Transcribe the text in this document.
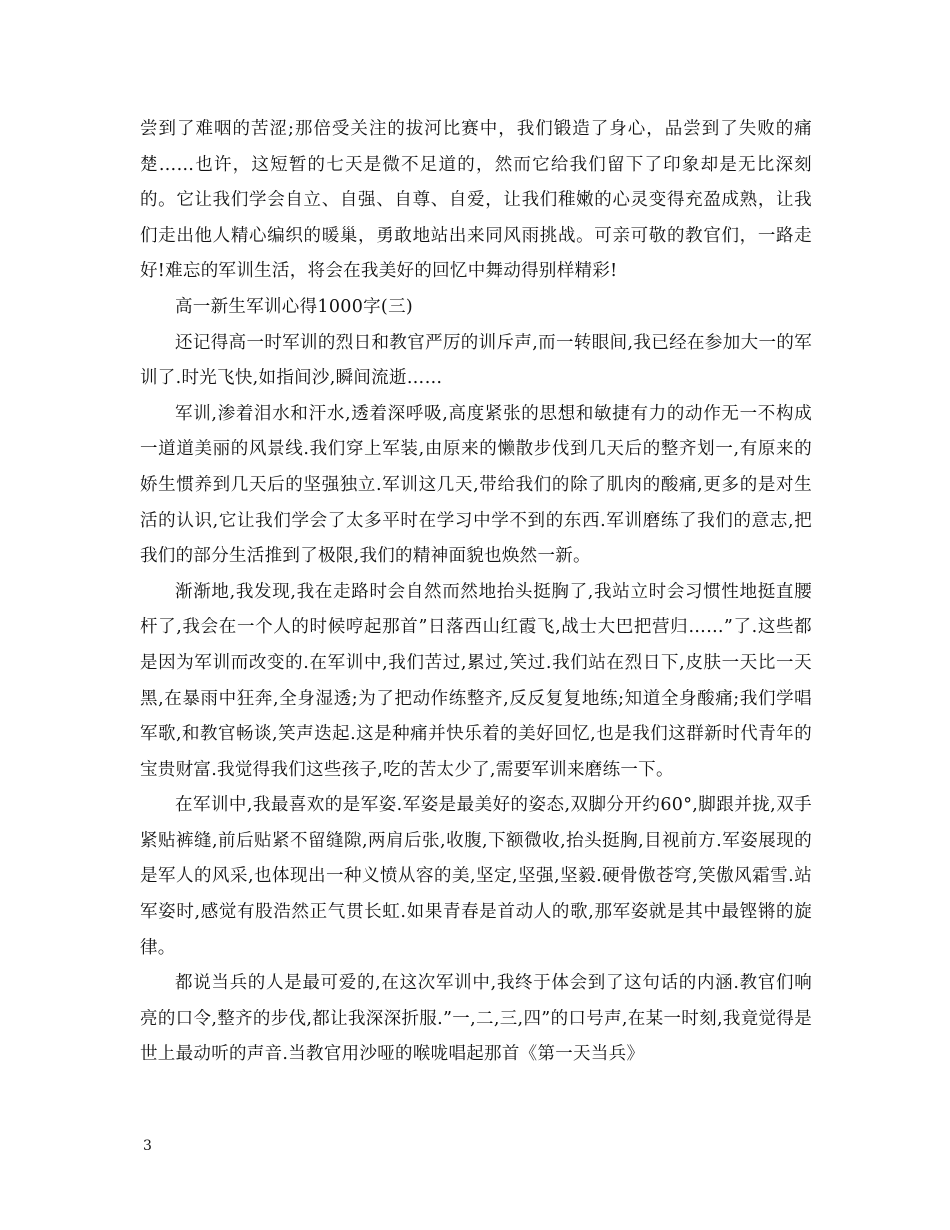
尝到了难咽的苦涩;那倍受关注的拔河比赛中，我们锻造了身心，品尝到了失败的痛楚……也许，这短暂的七天是微不足道的，然而它给我们留下了印象却是无比深刻的。它让我们学会自立、自强、自尊、自爱，让我们稚嫩的心灵变得充盈成熟，让我们走出他人精心编织的暖巢，勇敢地站出来同风雨挑战。可亲可敬的教官们，一路走好!难忘的军训生活，将会在我美好的回忆中舞动得别样精彩!

高一新生军训心得1000字(三)

还记得高一时军训的烈日和教官严厉的训斥声,而一转眼间,我已经在参加大一的军训了.时光飞快,如指间沙,瞬间流逝……

军训,渗着泪水和汗水,透着深呼吸,高度紧张的思想和敏捷有力的动作无一不构成一道道美丽的风景线.我们穿上军装,由原来的懒散步伐到几天后的整齐划一,有原来的娇生惯养到几天后的坚强独立.军训这几天,带给我们的除了肌肉的酸痛,更多的是对生活的认识,它让我们学会了太多平时在学习中学不到的东西.军训磨练了我们的意志,把我们的部分生活推到了极限,我们的精神面貌也焕然一新。

渐渐地,我发现,我在走路时会自然而然地抬头挺胸了,我站立时会习惯性地挺直腰杆了,我会在一个人的时候哼起那首”日落西山红霞飞,战士大巴把营归……”了.这些都是因为军训而改变的.在军训中,我们苦过,累过,笑过.我们站在烈日下,皮肤一天比一天黑,在暴雨中狂奔,全身湿透;为了把动作练整齐,反反复复地练;知道全身酸痛;我们学唱军歌,和教官畅谈,笑声迭起.这是种痛并快乐着的美好回忆,也是我们这群新时代青年的宝贵财富.我觉得我们这些孩子,吃的苦太少了,需要军训来磨练一下。

在军训中,我最喜欢的是军姿.军姿是最美好的姿态,双脚分开约60°,脚跟并拢,双手紧贴裤缝,前后贴紧不留缝隙,两肩后张,收腹,下额微收,抬头挺胸,目视前方.军姿展现的是军人的风采,也体现出一种义愤从容的美,坚定,坚强,坚毅.硬骨傲苍穹,笑傲风霜雪.站军姿时,感觉有股浩然正气贯长虹.如果青春是首动人的歌,那军姿就是其中最铿锵的旋律。

都说当兵的人是最可爱的,在这次军训中,我终于体会到了这句话的内涵.教官们响亮的口令,整齐的步伐,都让我深深折服.”一,二,三,四”的口号声,在某一时刻,我竟觉得是世上最动听的声音.当教官用沙哑的喉咙唱起那首《第一天当兵》

3
